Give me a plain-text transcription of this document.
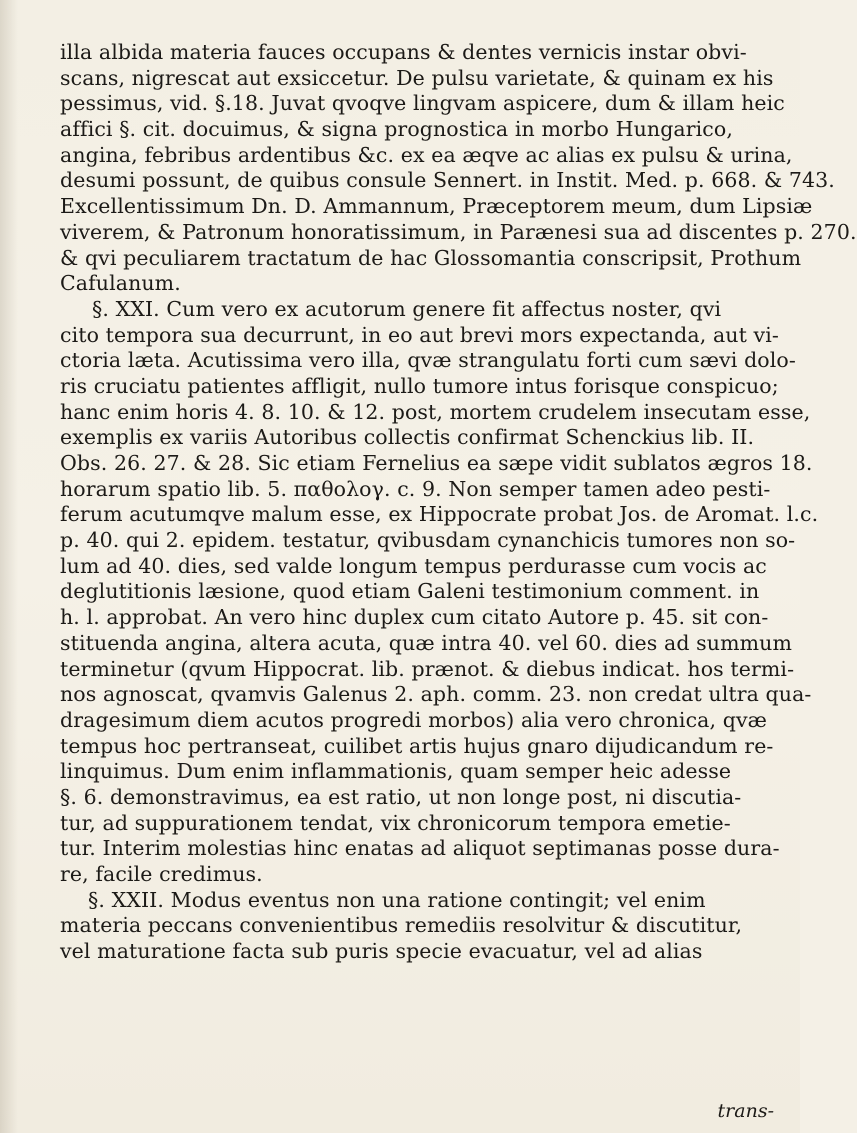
illa albida materia fauces occupans & dentes vernicis instar obvi-
scans, nigrescat aut exsiccetur. De pulsu varietate, & quinam ex his
pessimus, vid. §.18. Juvat qvoqve lingvam aspicere, dum & illam heic
affici §. cit. docuimus, & signa prognostica in morbo Hungarico,
angina, febribus ardentibus &c. ex ea æqve ac alias ex pulsu & urina,
desumi possunt, de quibus consule Sennert. in Instit. Med. p. 668. & 743.
Excellentissimum Dn. D. Ammannum, Præceptorem meum, dum Lipsiæ
viverem, & Patronum honoratissimum, in Parænesi sua ad discentes p. 270.
& qvi peculiarem tractatum de hac Glossomantia conscripsit, Prothum
Cafulanum.
§. XXI. Cum vero ex acutorum genere fit affectus noster, qvi
cito tempora sua decurrunt, in eo aut brevi mors expectanda, aut vi-
ctoria læta. Acutissima vero illa, qvæ strangulatu forti cum sævi dolo-
ris cruciatu patientes affligit, nullo tumore intus forisque conspicuo;
hanc enim horis 4. 8. 10. & 12. post, mortem crudelem insecutam esse,
exemplis ex variis Autoribus collectis confirmat Schenckius lib. II.
Obs. 26. 27. & 28. Sic etiam Fernelius ea sæpe vidit sublatos ægros 18.
horarum spatio lib. 5. παθολογ. c. 9. Non semper tamen adeo pesti-
ferum acutumqve malum esse, ex Hippocrate probat Jos. de Aromat. l.c.
p. 40. qui 2. epidem. testatur, qvibusdam cynanchicis tumores non so-
lum ad 40. dies, sed valde longum tempus perdurasse cum vocis ac
deglutitionis læsione, quod etiam Galeni testimonium comment. in
h. l. approbat. An vero hinc duplex cum citato Autore p. 45. sit con-
stituenda angina, altera acuta, quæ intra 40. vel 60. dies ad summum
terminetur (qvum Hippocrat. lib. prænot. & diebus indicat. hos termi-
nos agnoscat, qvamvis Galenus 2. aph. comm. 23. non credat ultra qua-
dragesimum diem acutos progredi morbos) alia vero chronica, qvæ
tempus hoc pertranseat, cuilibet artis hujus gnaro dijudicandum re-
linquimus. Dum enim inflammationis, quam semper heic adesse
§. 6. demonstravimus, ea est ratio, ut non longe post, ni discutia-
tur, ad suppurationem tendat, vix chronicorum tempora emetie-
tur. Interim molestias hinc enatas ad aliquot septimanas posse dura-
re, facile credimus.
§. XXII. Modus eventus non una ratione contingit; vel enim
materia peccans convenientibus remediis resolvitur & discutitur,
vel maturatione facta sub puris specie evacuatur, vel ad alias
trans-
